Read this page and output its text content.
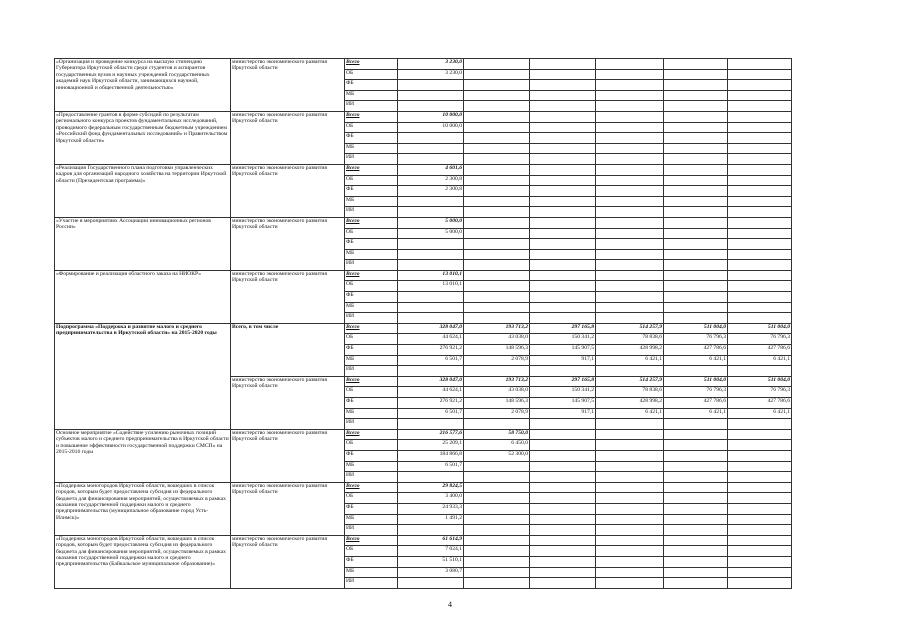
«Организация и проведение конкурса на высшую стипендию Губернатора Иркутской области среди студентов и аспирантов государственных вузов и научных учреждений государственных академий наук Иркутской области, занимающихся научной, инновационной и общественной деятельностью»	министерство экономического развития Иркутской области	Всего	3 230,0					
		ОБ	3 230,0					
		ФБ						
		МБ						
		ИИ						
«Предоставление грантов в форме субсидий по результатам регионального конкурса проектов фундаментальных исследований, проводимого федеральным государственным бюджетным учреждением «Российский фонд фундаментальных исследований» и Правительством Иркутской области»	министерство экономического развития Иркутской области	Всего	10 000,0					
		ОБ	10 000,0					
		ФБ						
		МБ						
		ИИ						
«Реализация Государственного плана подготовки управленческих кадров для организаций народного хозяйства на территории Иркутской области (Президентская программа)»	министерство экономического развития Иркутской области	Всего	4 601,6					
		ОБ	2 300,8					
		ФБ	2 300,8					
		МБ						
		ИИ						
«Участие в мероприятиях Ассоциации инновационных регионов России»	министерство экономического развития Иркутской области	Всего	5 000,0					
		ОБ	5 000,0					
		ФБ						
		МБ						
		ИИ						
«Формирование и реализация областного заказа на НИОКР»	министерство экономического развития Иркутской области	Всего	13 010,1					
		ОБ	13 010,1					
		ФБ						
		МБ						
		ИИ						
Подпрограмма «Поддержка и развитие малого и среднего предпринимательства в Иркутской области» на 2015-2020 годы	Всего, в том числе	Всего	328 047,0	193 713,2	297 165,8	514 257,9	511 004,0	511 004,0
		ОБ	44 624,1	43 038,0	150 341,2	78 838,6	76 796,3	76 796,3
		ФБ	276 921,2	148 596,3	145 907,5	428 998,2	427 786,6	427 786,6
		МБ	6 501,7	2 078,9	917,1	6 421,1	6 421,1	6 421,1
		ИИ						
	министерство экономического развития Иркутской области	Всего	328 047,0	193 713,2	297 165,8	514 257,9	511 004,0	511 004,0
		ОБ	44 624,1	43 038,0	150 341,2	78 838,6	76 796,3	76 796,3
		ФБ	276 921,2	148 596,3	145 907,5	428 998,2	427 786,6	427 786,6
		МБ	6 501,7	2 078,9	917,1	6 421,1	6 421,1	6 421,1
		ИИ						
Основное мероприятие «Содействие усилению рыночных позиций субъектов малого и среднего предпринимательства в Иркутской области и повышение эффективности государственной поддержки СМСП» на 2015-2016 годы	министерство экономического развития Иркутской области	Всего	216 577,6	58 750,0				
		ОБ	25 209,1	6 450,0				
		ФБ	184 866,8	52 300,0				
		МБ	6 501,7					
		ИИ						
«Поддержка моногородов Иркутской области, вошедших в список городов, которым будет предоставлена субсидия из федерального бюджета для финансирования мероприятий, осуществляемых в рамках оказания государственной поддержки малого и среднего предпринимательства (муниципальное образование город Усть-Илимск)»	министерство экономического развития Иркутской области	Всего	29 824,5					
		ОБ	3 400,0					
		ФБ	24 933,3					
		МБ	1 491,2					
		ИИ						
«Поддержка моногородов Иркутской области, вошедших в список городов, которым будет предоставлена субсидия из федерального бюджета для финансирования мероприятий, осуществляемых в рамках оказания государственной поддержки малого и среднего предпринимательства (Байкальское муниципальное образование)»	министерство экономического развития Иркутской области	Всего	61 614,9					
		ОБ	7 024,1					
		ФБ	51 510,1					
		МБ	3 080,7					
		ИИ						
4
